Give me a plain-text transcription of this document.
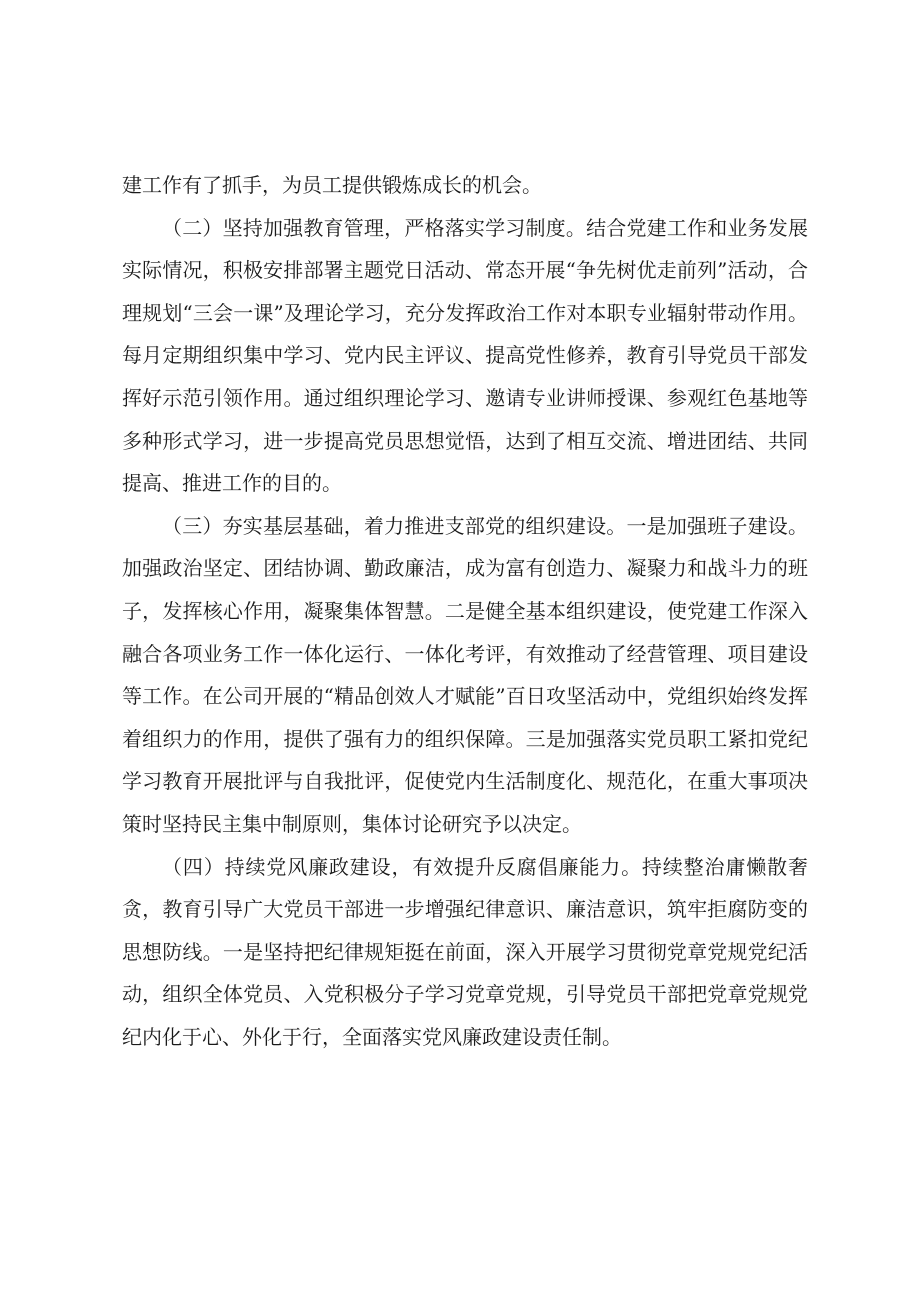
建工作有了抓手，为员工提供锻炼成长的机会。

（二）坚持加强教育管理，严格落实学习制度。结合党建工作和业务发展实际情况，积极安排部署主题党日活动、常态开展“争先树优走前列”活动，合理规划“三会一课”及理论学习，充分发挥政治工作对本职专业辐射带动作用。每月定期组织集中学习、党内民主评议、提高党性修养，教育引导党员干部发挥好示范引领作用。通过组织理论学习、邀请专业讲师授课、参观红色基地等多种形式学习，进一步提高党员思想觉悟，达到了相互交流、增进团结、共同提高、推进工作的目的。

（三）夯实基层基础，着力推进支部党的组织建设。一是加强班子建设。加强政治坚定、团结协调、勤政廉洁，成为富有创造力、凝聚力和战斗力的班子，发挥核心作用，凝聚集体智慧。二是健全基本组织建设，使党建工作深入融合各项业务工作一体化运行、一体化考评，有效推动了经营管理、项目建设等工作。在公司开展的“精品创效人才赋能”百日攻坚活动中，党组织始终发挥着组织力的作用，提供了强有力的组织保障。三是加强落实党员职工紧扣党纪学习教育开展批评与自我批评，促使党内生活制度化、规范化，在重大事项决策时坚持民主集中制原则，集体讨论研究予以决定。

（四）持续党风廉政建设，有效提升反腐倡廉能力。持续整治庸懒散奢贪，教育引导广大党员干部进一步增强纪律意识、廉洁意识，筑牢拒腐防变的思想防线。一是坚持把纪律规矩挺在前面，深入开展学习贯彻党章党规党纪活动，组织全体党员、入党积极分子学习党章党规，引导党员干部把党章党规党纪内化于心、外化于行，全面落实党风廉政建设责任制。
